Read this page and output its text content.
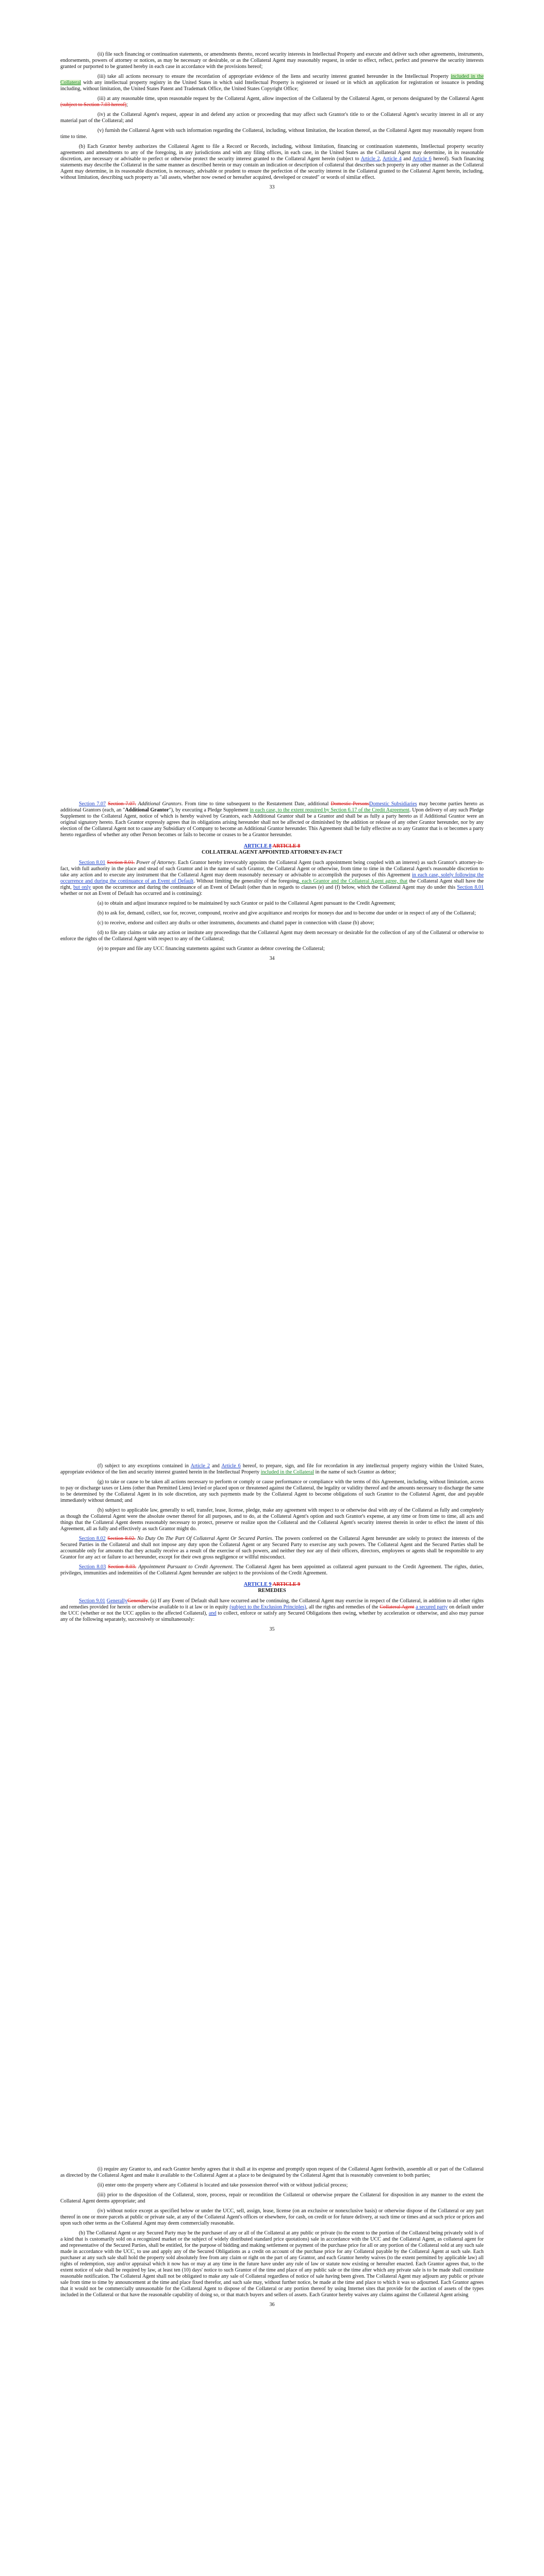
(ii) file such financing or continuation statements, or amendments thereto, record security interests in Intellectual Property and execute and deliver such other agreements, instruments, endorsements, powers of attorney or notices, as may be necessary or desirable, or as the Collateral Agent may reasonably request, in order to effect, reflect, perfect and preserve the security interests granted or purported to be granted hereby in each case in accordance with the provisions hereof;

(iii) take all actions necessary to ensure the recordation of appropriate evidence of the liens and security interest granted hereunder in the Intellectual Property included in the Collateral with any intellectual property registry in the United States in which said Intellectual Property is registered or issued or in which an application for registration or issuance is pending including, without limitation, the United States Patent and Trademark Office, the United States Copyright Office;

(iii) at any reasonable time, upon reasonable request by the Collateral Agent, allow inspection of the Collateral by the Collateral Agent, or persons designated by the Collateral Agent (subject to Section 7.03 hereof);

(iv) at the Collateral Agent's request, appear in and defend any action or proceeding that may affect such Grantor's title to or the Collateral Agent's security interest in all or any material part of the Collateral; and

(v) furnish the Collateral Agent with such information regarding the Collateral, including, without limitation, the location thereof, as the Collateral Agent may reasonably request from time to time.

(b) Each Grantor hereby authorizes the Collateral Agent to file a Record or Records, including, without limitation, financing or continuation statements, Intellectual property security agreements and amendments to any of the foregoing, in any jurisdictions and with any filing offices, in each case, in the United States as the Collateral Agent may determine, in its reasonable discretion, are necessary or advisable to perfect or otherwise protect the security interest granted to the Collateral Agent herein (subject to Article 2, Article 4 and Article 6 hereof). Such financing statements may describe the Collateral in the same manner as described herein or may contain an indication or description of collateral that describes such property in any other manner as the Collateral Agent may determine, in its reasonable discretion, is necessary, advisable or prudent to ensure the perfection of the security interest in the Collateral granted to the Collateral Agent herein, including, without limitation, describing such property as "all assets, whether now owned or hereafter acquired, developed or created" or words of similar effect.

33

Section 7.07 Section 7.07. Additional Grantors. From time to time subsequent to the Restatement Date, additional Domestic PersonsDomestic Subsidiaries may become parties hereto as additional Grantors (each, an "Additional Grantor"), by executing a Pledge Supplement in each case, to the extent required by Section 6.17 of the Credit Agreement. Upon delivery of any such Pledge Supplement to the Collateral Agent, notice of which is hereby waived by Grantors, each Additional Grantor shall be a Grantor and shall be as fully a party hereto as if Additional Grantor were an original signatory hereto. Each Grantor expressly agrees that its obligations arising hereunder shall not be affected or diminished by the addition or release of any other Grantor hereunder, nor by any election of the Collateral Agent not to cause any Subsidiary of Company to become an Additional Grantor hereunder. This Agreement shall be fully effective as to any Grantor that is or becomes a party hereto regardless of whether any other Person becomes or fails to become or ceases to be a Grantor hereunder.

ARTICLE 8 ARTICLE 8
COLLATERAL AGENT APPOINTED ATTORNEY-IN-FACT

Section 8.01 Section 8.01. Power of Attorney. Each Grantor hereby irrevocably appoints the Collateral Agent (such appointment being coupled with an interest) as such Grantor's attorney-in-fact, with full authority in the place and stead of such Grantor and in the name of such Grantor, the Collateral Agent or otherwise, from time to time in the Collateral Agent's reasonable discretion to take any action and to execute any instrument that the Collateral Agent may deem reasonably necessary or advisable to accomplish the purposes of this Agreement in each case, solely following the occurrence and during the continuance of an Event of Default. Without limiting the generality of the foregoing, each Grantor and the Collateral Agent agree, that the Collateral Agent shall have the right, but only upon the occurrence and during the continuance of an Event of Default (other than in regards to clauses (e) and (f) below, which the Collateral Agent may do under this Section 8.01 whether or not an Event of Default has occurred and is continuing):

(a) to obtain and adjust insurance required to be maintained by such Grantor or paid to the Collateral Agent pursuant to the Credit Agreement;

(b) to ask for, demand, collect, sue for, recover, compound, receive and give acquittance and receipts for moneys due and to become due under or in respect of any of the Collateral;

(c) to receive, endorse and collect any drafts or other instruments, documents and chattel paper in connection with clause (b) above;

(d) to file any claims or take any action or institute any proceedings that the Collateral Agent may deem necessary or desirable for the collection of any of the Collateral or otherwise to enforce the rights of the Collateral Agent with respect to any of the Collateral;

(e) to prepare and file any UCC financing statements against such Grantor as debtor covering the Collateral;

34

(f) subject to any exceptions contained in Article 2 and Article 6 hereof, to prepare, sign, and file for recordation in any intellectual property registry within the United States, appropriate evidence of the lien and security interest granted herein in the Intellectual Property included in the Collateral in the name of such Grantor as debtor;

(g) to take or cause to be taken all actions necessary to perform or comply or cause performance or compliance with the terms of this Agreement, including, without limitation, access to pay or discharge taxes or Liens (other than Permitted Liens) levied or placed upon or threatened against the Collateral, the legality or validity thereof and the amounts necessary to discharge the same to be determined by the Collateral Agent in its sole discretion, any such payments made by the Collateral Agent to become obligations of such Grantor to the Collateral Agent, due and payable immediately without demand; and

(h) subject to applicable law, generally to sell, transfer, lease, license, pledge, make any agreement with respect to or otherwise deal with any of the Collateral as fully and completely as though the Collateral Agent were the absolute owner thereof for all purposes, and to do, at the Collateral Agent's option and such Grantor's expense, at any time or from time to time, all acts and things that the Collateral Agent deems reasonably necessary to protect, preserve or realize upon the Collateral and the Collateral Agent's security interest therein in order to effect the intent of this Agreement, all as fully and effectively as such Grantor might do.

Section 8.02 Section 8.02. No Duty On The Part Of Collateral Agent Or Secured Parties. The powers conferred on the Collateral Agent hereunder are solely to protect the interests of the Secured Parties in the Collateral and shall not impose any duty upon the Collateral Agent or any Secured Party to exercise any such powers. The Collateral Agent and the Secured Parties shall be accountable only for amounts that they actually receive as a result of the exercise of such powers, and neither they nor any of their officers, directors, employees or agents shall be responsible to any Grantor for any act or failure to act hereunder, except for their own gross negligence or willful misconduct.

Section 8.03 Section 8.03. Appointment Pursuant to Credit Agreement. The Collateral Agent has been appointed as collateral agent pursuant to the Credit Agreement. The rights, duties, privileges, immunities and indemnities of the Collateral Agent hereunder are subject to the provisions of the Credit Agreement.

ARTICLE 9 ARTICLE 9
REMEDIES

Section 9.01 GenerallyGenerally. (a) If any Event of Default shall have occurred and be continuing, the Collateral Agent may exercise in respect of the Collateral, in addition to all other rights and remedies provided for herein or otherwise available to it at law or in equity (subject to the Exclusion Principles), all the rights and remedies of the Collateral Agent a secured party on default under the UCC (whether or not the UCC applies to the affected Collateral), and to collect, enforce or satisfy any Secured Obligations then owing, whether by acceleration or otherwise, and also may pursue any of the following separately, successively or simultaneously:

35

(i) require any Grantor to, and each Grantor hereby agrees that it shall at its expense and promptly upon request of the Collateral Agent forthwith, assemble all or part of the Collateral as directed by the Collateral Agent and make it available to the Collateral Agent at a place to be designated by the Collateral Agent that is reasonably convenient to both parties;

(ii) enter onto the property where any Collateral is located and take possession thereof with or without judicial process;

(iii) prior to the disposition of the Collateral, store, process, repair or recondition the Collateral or otherwise prepare the Collateral for disposition in any manner to the extent the Collateral Agent deems appropriate; and

(iv) without notice except as specified below or under the UCC, sell, assign, lease, license (on an exclusive or nonexclusive basis) or otherwise dispose of the Collateral or any part thereof in one or more parcels at public or private sale, at any of the Collateral Agent's offices or elsewhere, for cash, on credit or for future delivery, at such time or times and at such price or prices and upon such other terms as the Collateral Agent may deem commercially reasonable.

(b) The Collateral Agent or any Secured Party may be the purchaser of any or all of the Collateral at any public or private (to the extent to the portion of the Collateral being privately sold is of a kind that is customarily sold on a recognized market or the subject of widely distributed standard price quotations) sale in accordance with the UCC and the Collateral Agent, as collateral agent for and representative of the Secured Parties, shall be entitled, for the purpose of bidding and making settlement or payment of the purchase price for all or any portion of the Collateral sold at any such sale made in accordance with the UCC, to use and apply any of the Secured Obligations as a credit on account of the purchase price for any Collateral payable by the Collateral Agent at such sale. Each purchaser at any such sale shall hold the property sold absolutely free from any claim or right on the part of any Grantor, and each Grantor hereby waives (to the extent permitted by applicable law) all rights of redemption, stay and/or appraisal which it now has or may at any time in the future have under any rule of law or statute now existing or hereafter enacted. Each Grantor agrees that, to the extent notice of sale shall be required by law, at least ten (10) days' notice to such Grantor of the time and place of any public sale or the time after which any private sale is to be made shall constitute reasonable notification. The Collateral Agent shall not be obligated to make any sale of Collateral regardless of notice of sale having been given. The Collateral Agent may adjourn any public or private sale from time to time by announcement at the time and place fixed therefor, and such sale may, without further notice, be made at the time and place to which it was so adjourned. Each Grantor agrees that it would not be commercially unreasonable for the Collateral Agent to dispose of the Collateral or any portion thereof by using Internet sites that provide for the auction of assets of the types included in the Collateral or that have the reasonable capability of doing so, or that match buyers and sellers of assets. Each Grantor hereby waives any claims against the Collateral Agent arising

36
